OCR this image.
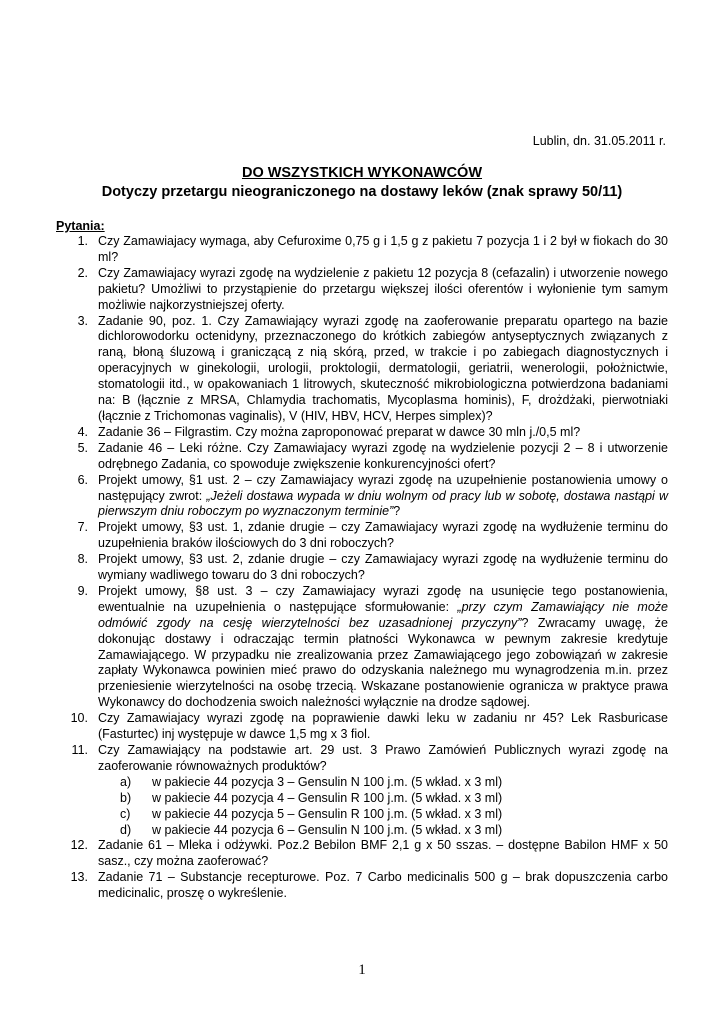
Lublin, dn. 31.05.2011 r.
DO WSZYSTKICH WYKONAWCÓW
Dotyczy przetargu nieograniczonego na dostawy leków (znak sprawy 50/11)
Pytania:
1. Czy Zamawiajacy wymaga, aby Cefuroxime 0,75 g i 1,5 g z pakietu 7 pozycja 1 i 2 był w fiokach do 30 ml?
2. Czy Zamawiajacy wyrazi zgodę na wydzielenie z pakietu 12 pozycja 8 (cefazalin) i utworzenie nowego pakietu? Umożliwi to przystąpienie do przetargu większej ilości oferentów i wyłonienie tym samym możliwie najkorzystniejszej oferty.
3. Zadanie 90, poz. 1. Czy Zamawiający wyrazi zgodę na zaoferowanie preparatu opartego na bazie dichlorowodorku octenidyny, przeznaczonego do krótkich zabiegów antyseptycznych związanych z raną, błoną śluzową i graniczącą z nią skórą, przed, w trakcie i po zabiegach diagnostycznych i operacyjnych w ginekologii, urologii, proktologii, dermatologii, geriatrii, wenerologii, położnictwie, stomatologii itd., w opakowaniach 1 litrowych, skuteczność mikrobiologiczna potwierdzona badaniami na: B (łącznie z MRSA, Chlamydia trachomatis, Mycoplasma hominis), F, drożdżaki, pierwotniaki (łącznie z Trichomonas vaginalis), V (HIV, HBV, HCV, Herpes simplex)?
4. Zadanie 36 – Filgrastim. Czy można zaproponować preparat w dawce 30 mln j./0,5 ml?
5. Zadanie 46 – Leki różne. Czy Zamawiajacy wyrazi zgodę na wydzielenie pozycji 2 – 8 i utworzenie odrębnego Zadania, co spowoduje zwiększenie konkurencyjności ofert?
6. Projekt umowy, §1 ust. 2 – czy Zamawiajacy wyrazi zgodę na uzupełnienie postanowienia umowy o następujący zwrot: „Jeżeli dostawa wypada w dniu wolnym od pracy lub w sobotę, dostawa nastąpi w pierwszym dniu roboczym po wyznaczonym terminie”?
7. Projekt umowy, §3 ust. 1, zdanie drugie – czy Zamawiajacy wyrazi zgodę na wydłużenie terminu do uzupełnienia braków ilościowych do 3 dni roboczych?
8. Projekt umowy, §3 ust. 2, zdanie drugie – czy Zamawiajacy wyrazi zgodę na wydłużenie terminu do wymiany wadliwego towaru do 3 dni roboczych?
9. Projekt umowy, §8 ust. 3 – czy Zamawiajacy wyrazi zgodę na usunięcie tego postanowienia, ewentualnie na uzupełnienia o następujące sformułowanie: „przy czym Zamawiający nie może odmówić zgody na cesję wierzytelności bez uzasadnionej przyczyny”? Zwracamy uwagę, że dokonując dostawy i odraczając termin płatności Wykonawca w pewnym zakresie kredytuje Zamawiającego. W przypadku nie zrealizowania przez Zamawiającego jego zobowiązań w zakresie zapłaty Wykonawca powinien mieć prawo do odzyskania należnego mu wynagrodzenia m.in. przez przeniesienie wierzytelności na osobę trzecią. Wskazane postanowienie ogranicza w praktyce prawa Wykonawcy do dochodzenia swoich należności wyłącznie na drodze sądowej.
10. Czy Zamawiajacy wyrazi zgodę na poprawienie dawki leku w zadaniu nr 45? Lek Rasburicase (Fasturtec) inj występuje w dawce 1,5 mg x 3 fiol.
11. Czy Zamawiający na podstawie art. 29 ust. 3 Prawo Zamówień Publicznych wyrazi zgodę na zaoferowanie równoważnych produktów?
a) w pakiecie 44 pozycja 3 – Gensulin N 100 j.m. (5 wkład. x 3 ml)
b) w pakiecie 44 pozycja 4 – Gensulin R 100 j.m. (5 wkład. x 3 ml)
c) w pakiecie 44 pozycja 5 – Gensulin R 100 j.m. (5 wkład. x 3 ml)
d) w pakiecie 44 pozycja 6 – Gensulin N 100 j.m. (5 wkład. x 3 ml)
12. Zadanie 61 – Mleka i odżywki. Poz.2 Bebilon BMF 2,1 g x 50 sszas. – dostępne Babilon HMF x 50 sasz., czy można zaoferować?
13. Zadanie 71 – Substancje recepturowe. Poz. 7 Carbo medicinalis 500 g – brak dopuszczenia carbo medicinalic, proszę o wykreślenie.
1
